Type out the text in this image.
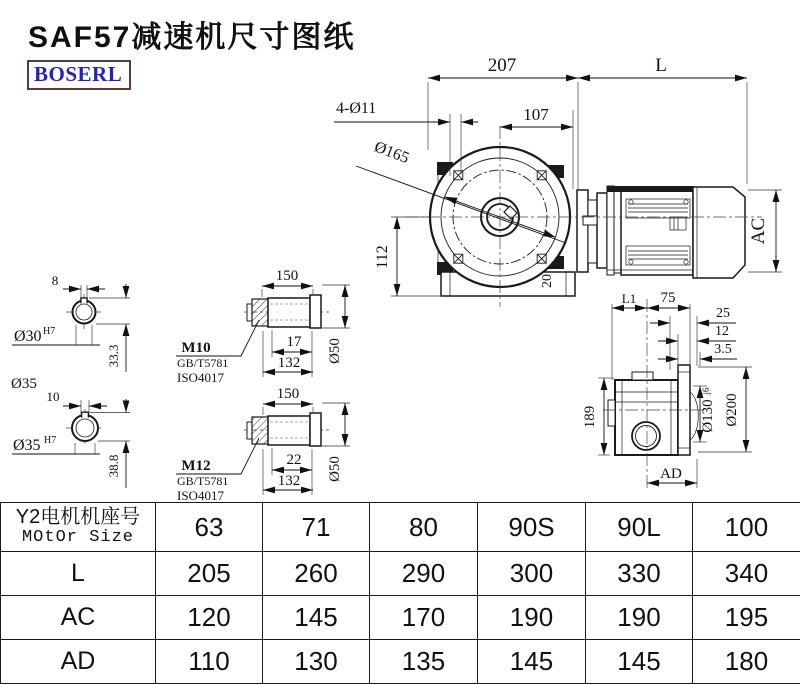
SAF57减速机尺寸图纸
BOSERL	207	L
4-Ø11	107
Ø165
112
AC
20
L1 75
25
12
3.5
189	Ø130
j6
Ø200
AD
8
Ø30 H7
33.3
Ø35
10
Ø35 H7
38.8
150
M10
GB/T5781
ISO4017
17
132 Ø50
150
M12
GB/T5781
ISO4017
22
132 Ø50
Y2电机机座号
MOtOr Size	63	71	80	90S	90L	100
L	205	260	290	300	330	340
AC	120	145	170	190	190	195
AD	110	130	135	145	145	180
